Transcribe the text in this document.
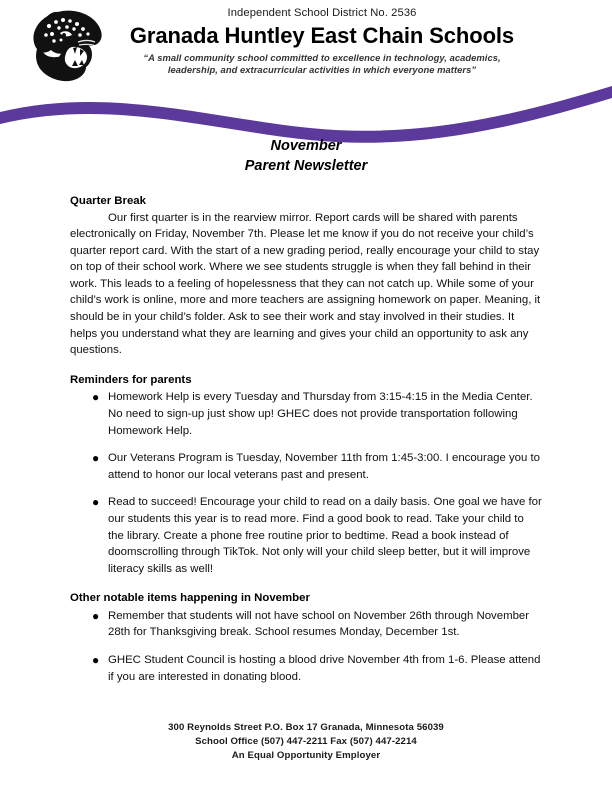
Independent School District No. 2536
Granada Huntley East Chain Schools
“A small community school committed to excellence in technology, academics,
leadership, and extracurricular activities in which everyone matters”
November
Parent Newsletter
Quarter Break

Our first quarter is in the rearview mirror. Report cards will be shared with parents electronically on Friday, November 7th. Please let me know if you do not receive your child’s quarter report card. With the start of a new grading period, really encourage your child to stay on top of their school work. Where we see students struggle is when they fall behind in their work. This leads to a feeling of hopelessness that they can not catch up. While some of your child’s work is online, more and more teachers are assigning homework on paper. Meaning, it should be in your child’s folder. Ask to see their work and stay involved in their studies. It helps you understand what they are learning and gives your child an opportunity to ask any questions.

Reminders for parents
● Homework Help is every Tuesday and Thursday from 3:15-4:15 in the Media Center. No need to sign-up just show up! GHEC does not provide transportation following Homework Help.
● Our Veterans Program is Tuesday, November 11th from 1:45-3:00. I encourage you to attend to honor our local veterans past and present.
● Read to succeed! Encourage your child to read on a daily basis. One goal we have for our students this year is to read more. Find a good book to read. Take your child to the library. Create a phone free routine prior to bedtime. Read a book instead of doomscrolling through TikTok. Not only will your child sleep better, but it will improve literacy skills as well!
Other notable items happening in November
● Remember that students will not have school on November 26th through November 28th for Thanksgiving break. School resumes Monday, December 1st.
● GHEC Student Council is hosting a blood drive November 4th from 1-6. Please attend if you are interested in donating blood.
300 Reynolds Street P.O. Box 17 Granada, Minnesota 56039
School Office (507) 447-2211 Fax (507) 447-2214
An Equal Opportunity Employer
